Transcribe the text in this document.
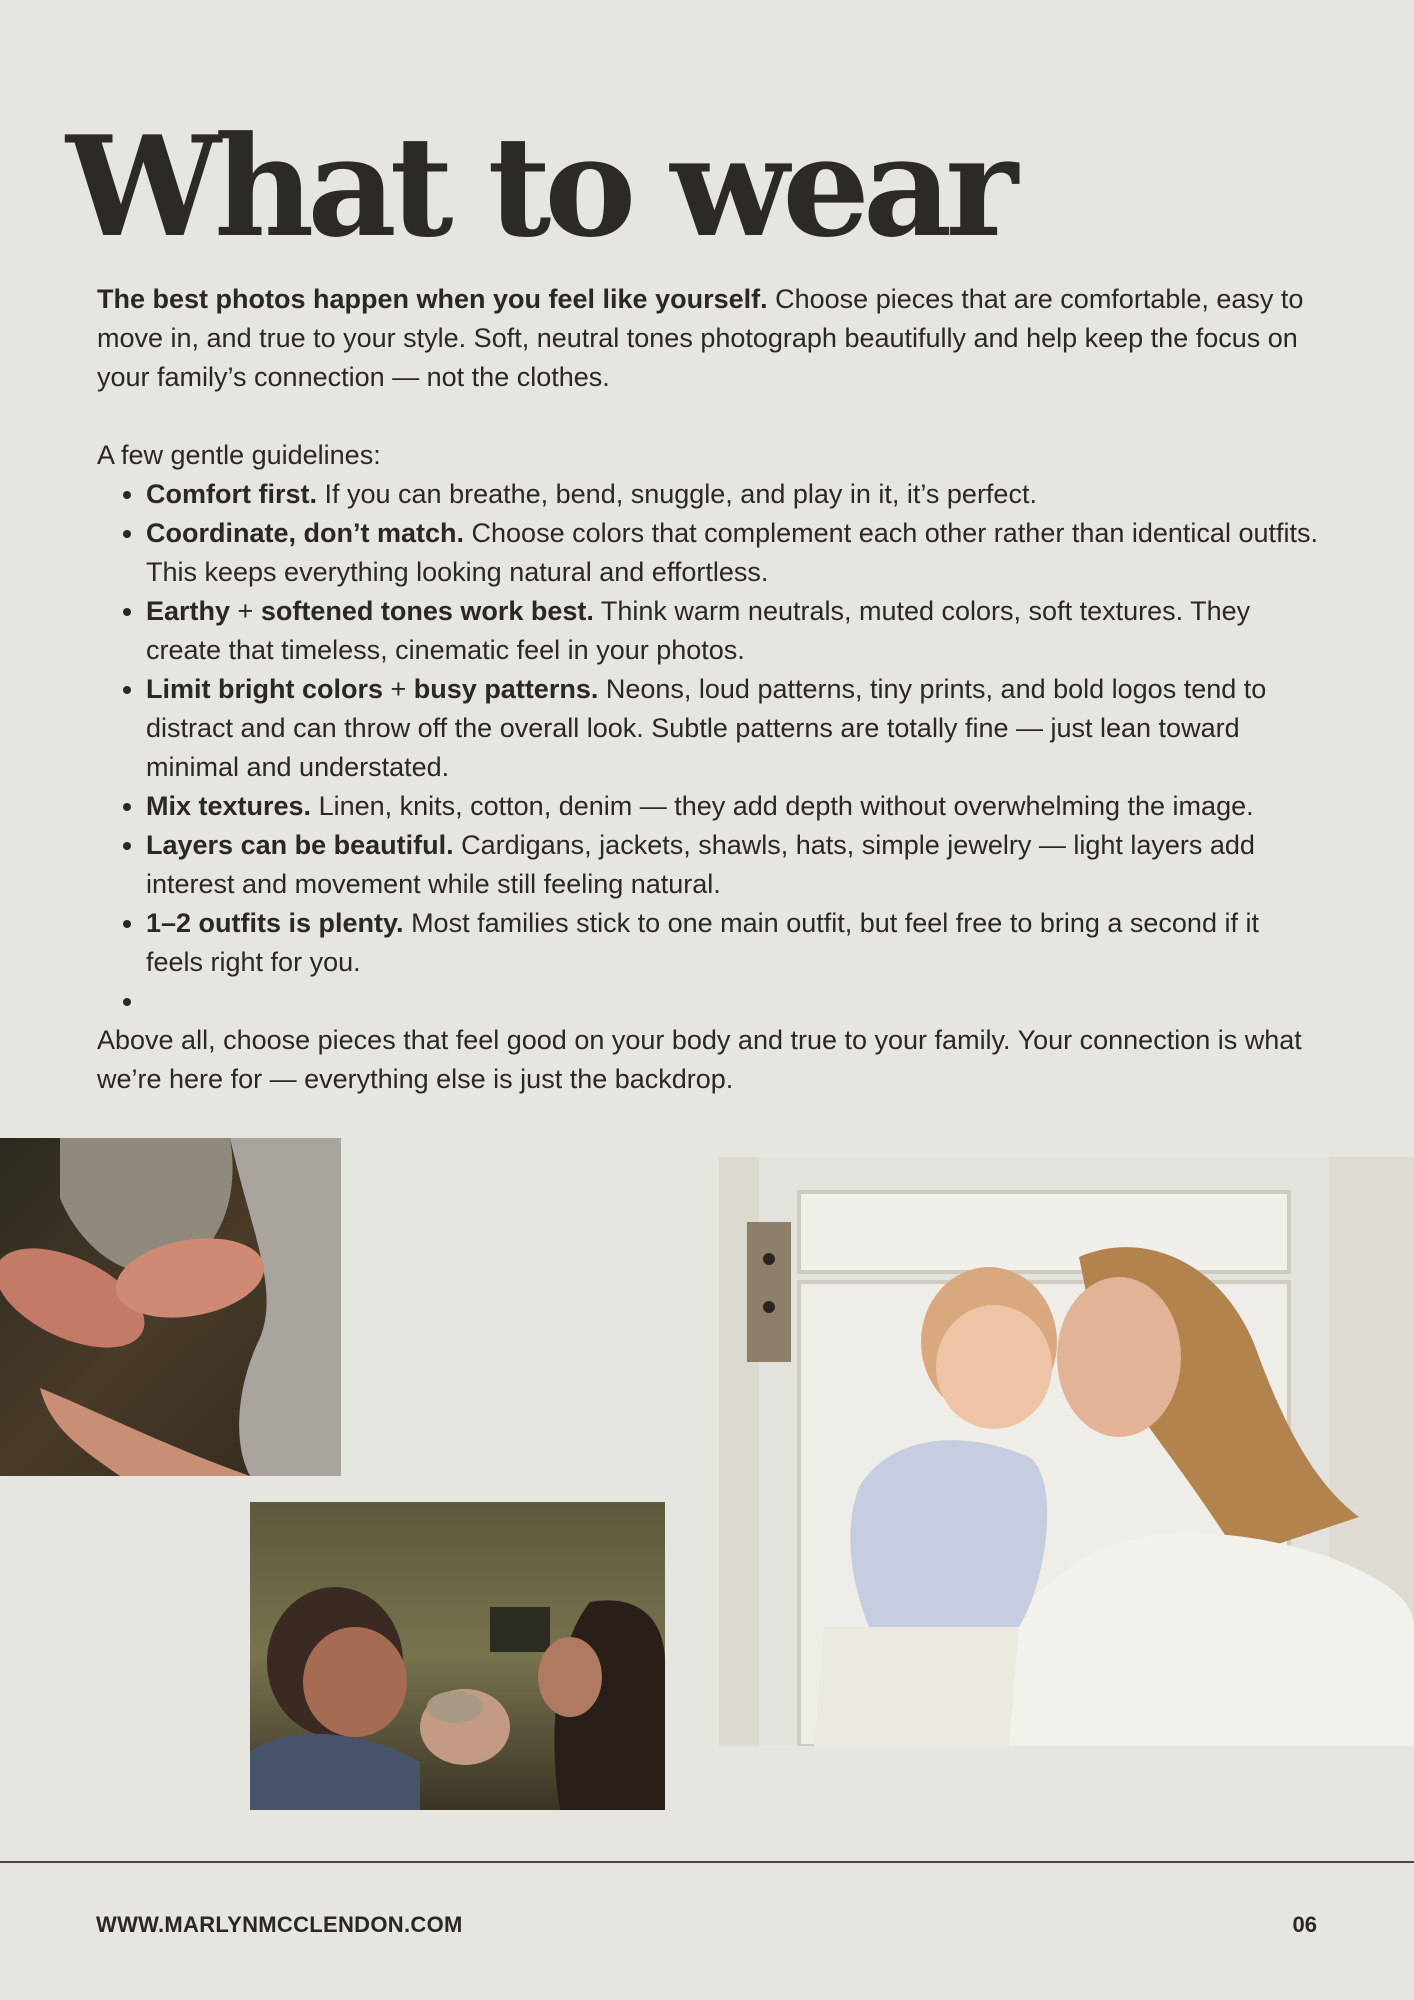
What to wear

The best photos happen when you feel like yourself. Choose pieces that are comfortable, easy to move in, and true to your style. Soft, neutral tones photograph beautifully and help keep the focus on your family’s connection — not the clothes.

A few gentle guidelines:

• Comfort first. If you can breathe, bend, snuggle, and play in it, it’s perfect.
• Coordinate, don’t match. Choose colors that complement each other rather than identical outfits. This keeps everything looking natural and effortless.
• Earthy + softened tones work best. Think warm neutrals, muted colors, soft textures. They create that timeless, cinematic feel in your photos.
• Limit bright colors + busy patterns. Neons, loud patterns, tiny prints, and bold logos tend to distract and can throw off the overall look. Subtle patterns are totally fine — just lean toward minimal and understated.
• Mix textures. Linen, knits, cotton, denim — they add depth without overwhelming the image.
• Layers can be beautiful. Cardigans, jackets, shawls, hats, simple jewelry — light layers add interest and movement while still feeling natural.
• 1–2 outfits is plenty. Most families stick to one main outfit, but feel free to bring a second if it feels right for you.
•

Above all, choose pieces that feel good on your body and true to your family. Your connection is what we’re here for — everything else is just the backdrop.

WWW.MARLYNMCCLENDON.COM	06
